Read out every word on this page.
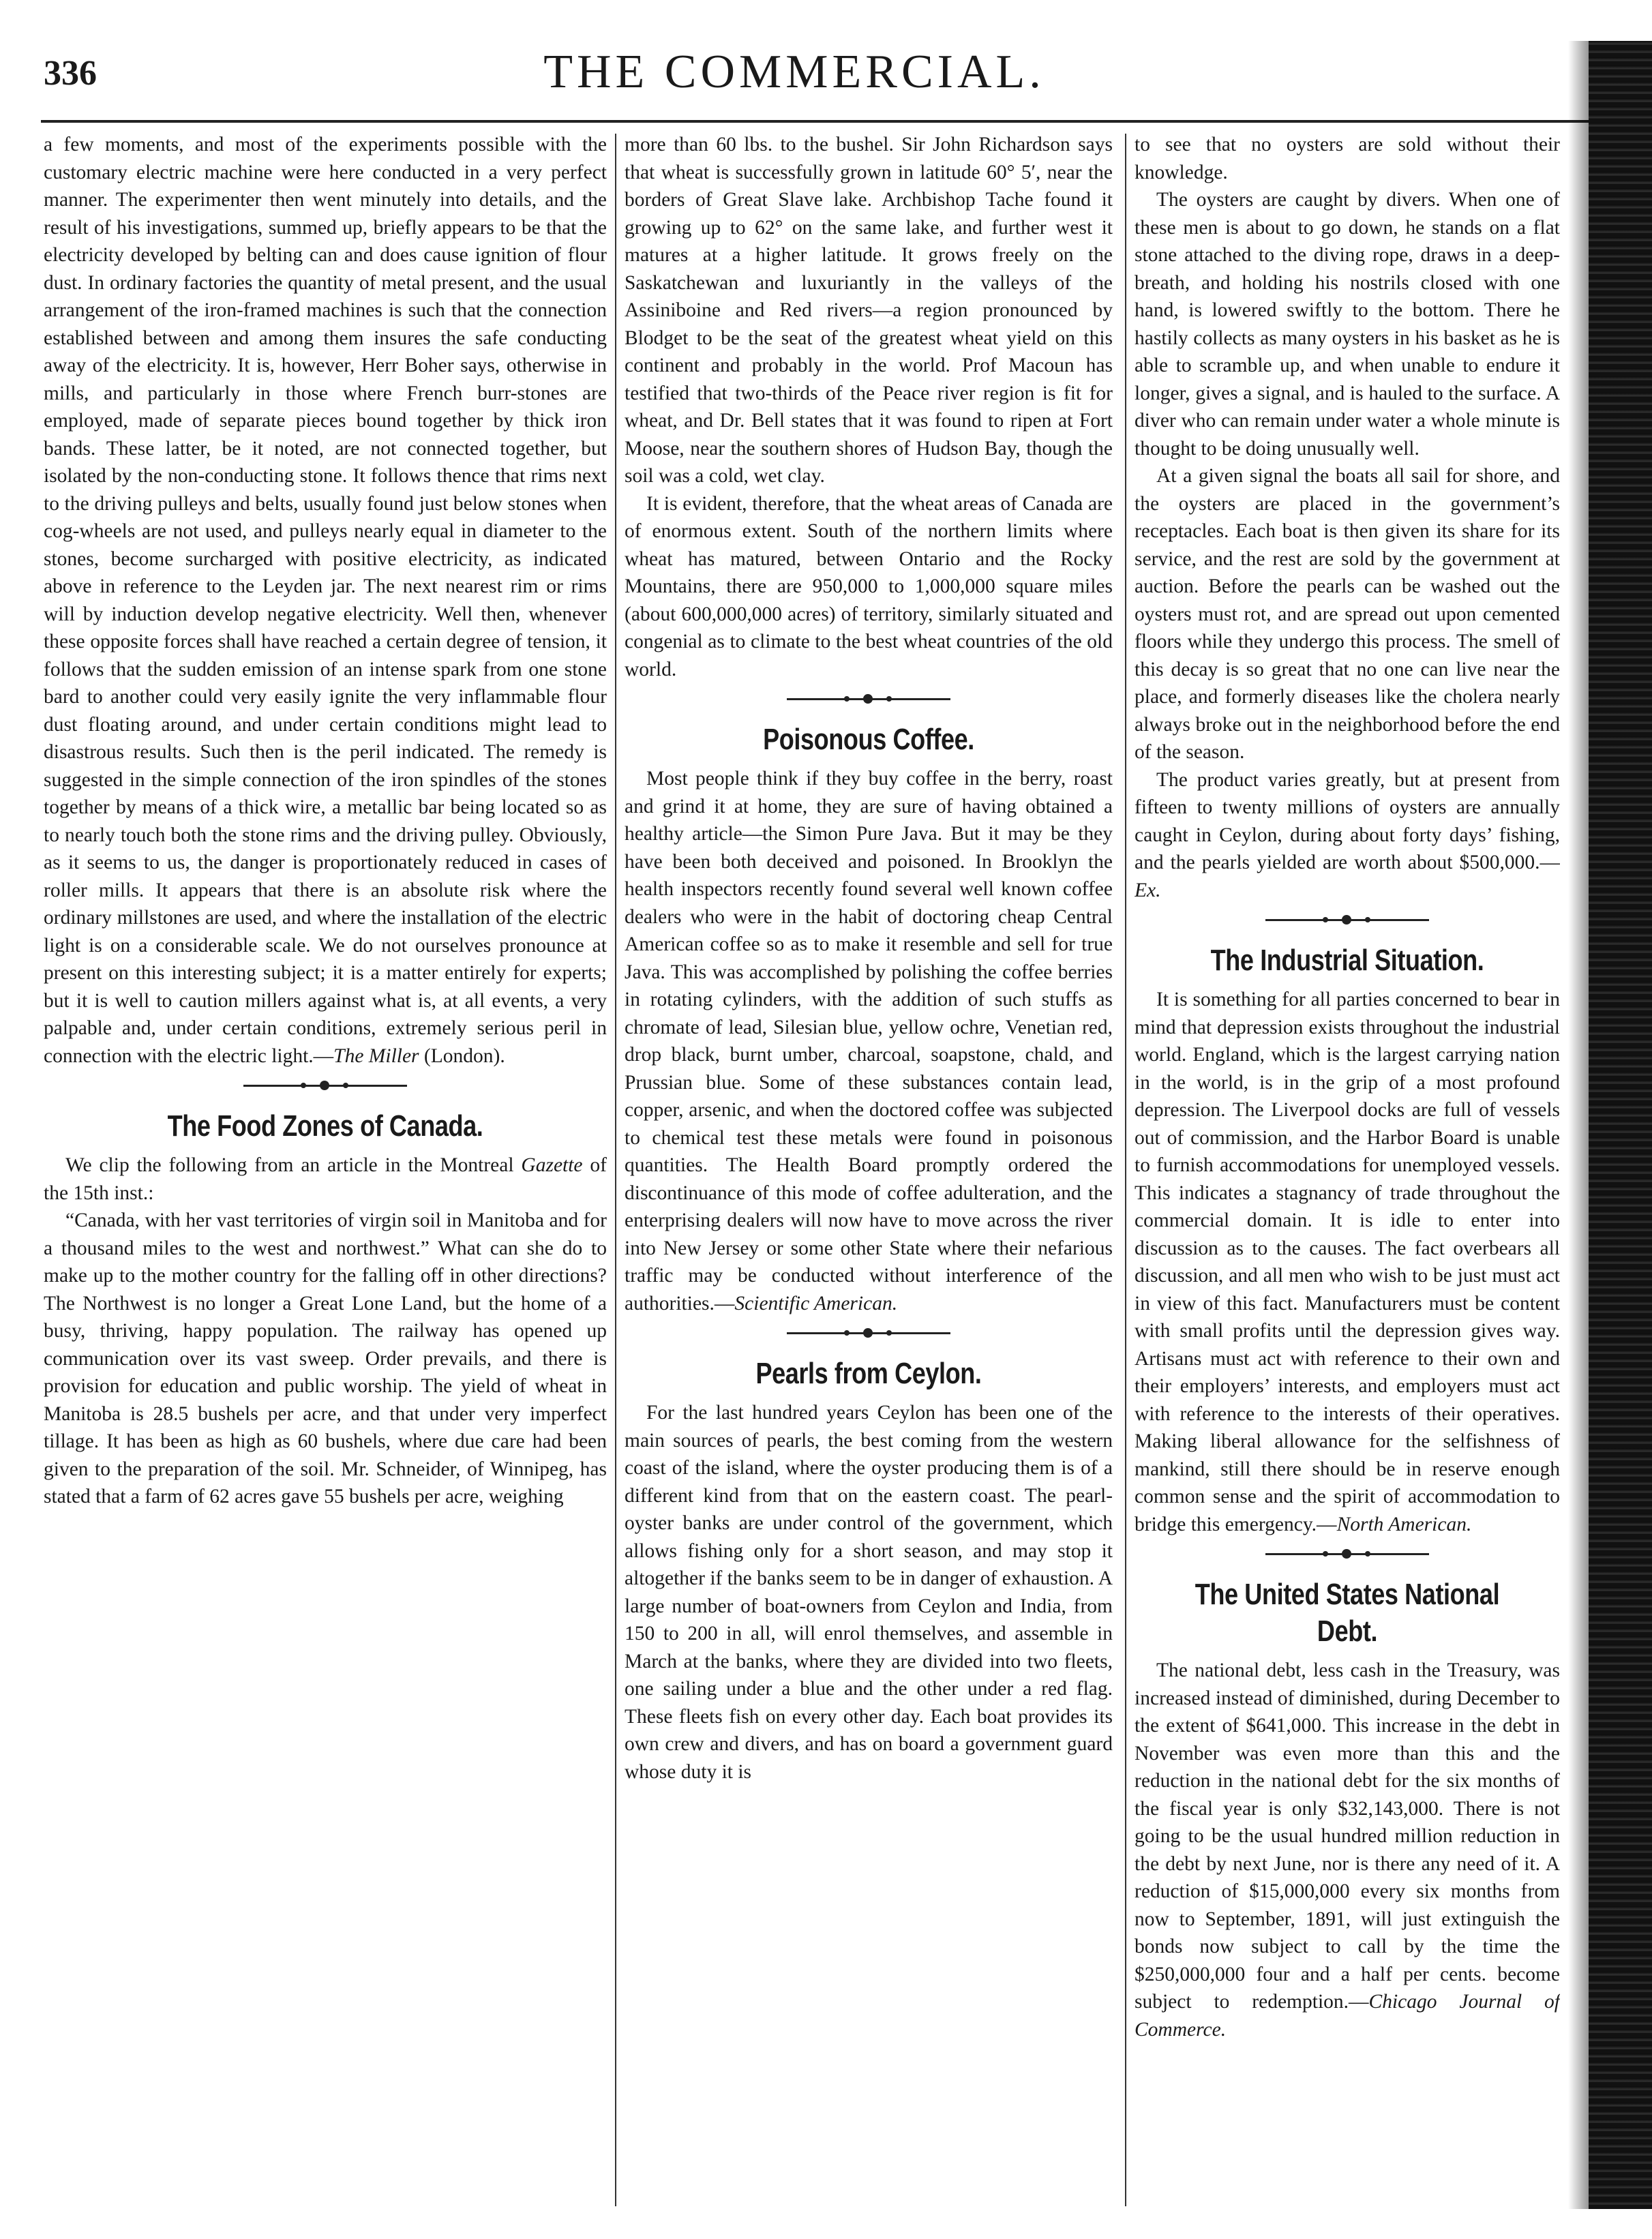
336	THE COMMERCIAL.

a few moments, and most of the experiments possible with the customary electric machine were here conducted in a very perfect manner. The experimenter then went minutely into details, and the result of his investigations, summed up, briefly appears to be that the electricity developed by belting can and does cause ignition of flour dust. In ordinary factories the quantity of metal present, and the usual arrangement of the iron-framed machines is such that the connection established between and among them insures the safe conducting away of the electricity. It is, however, Herr Boher says, otherwise in mills, and particularly in those where French burr-stones are employed, made of separate pieces bound together by thick iron bands. These latter, be it noted, are not connected together, but isolated by the non-conducting stone. It follows thence that rims next to the driving pulleys and belts, usually found just below stones when cog-wheels are not used, and pulleys nearly equal in diameter to the stones, become surcharged with positive electricity, as indicated above in reference to the Leyden jar. The next nearest rim or rims will by induction develop negative electricity. Well then, whenever these opposite forces shall have reached a certain degree of tension, it follows that the sudden emission of an intense spark from one stone bard to another could very easily ignite the very inflammable flour dust floating around, and under certain conditions might lead to disastrous results. Such then is the peril indicated. The remedy is suggested in the simple connection of the iron spindles of the stones together by means of a thick wire, a metallic bar being located so as to nearly touch both the stone rims and the driving pulley. Obviously, as it seems to us, the danger is proportionately reduced in cases of roller mills. It appears that there is an absolute risk where the ordinary millstones are used, and where the installation of the electric light is on a considerable scale. We do not ourselves pronounce at present on this interesting subject; it is a matter entirely for experts; but it is well to caution millers against what is, at all events, a very palpable and, under certain conditions, extremely serious peril in connection with the electric light.—The Miller (London).

The Food Zones of Canada.

We clip the following from an article in the Montreal Gazette of the 15th inst.:

“Canada, with her vast territories of virgin soil in Manitoba and for a thousand miles to the west and northwest.” What can she do to make up to the mother country for the falling off in other directions? The Northwest is no longer a Great Lone Land, but the home of a busy, thriving, happy population. The railway has opened up communication over its vast sweep. Order prevails, and there is provision for education and public worship. The yield of wheat in Manitoba is 28.5 bushels per acre, and that under very imperfect tillage. It has been as high as 60 bushels, where due care had been given to the preparation of the soil. Mr. Schneider, of Winnipeg, has stated that a farm of 62 acres gave 55 bushels per acre, weighing

more than 60 lbs. to the bushel. Sir John Richardson says that wheat is successfully grown in latitude 60° 5′, near the borders of Great Slave lake. Archbishop Tache found it growing up to 62° on the same lake, and further west it matures at a higher latitude. It grows freely on the Saskatchewan and luxuriantly in the valleys of the Assiniboine and Red rivers—a region pronounced by Blodget to be the seat of the greatest wheat yield on this continent and probably in the world. Prof Macoun has testified that two-thirds of the Peace river region is fit for wheat, and Dr. Bell states that it was found to ripen at Fort Moose, near the southern shores of Hudson Bay, though the soil was a cold, wet clay.

It is evident, therefore, that the wheat areas of Canada are of enormous extent. South of the northern limits where wheat has matured, between Ontario and the Rocky Mountains, there are 950,000 to 1,000,000 square miles (about 600,000,000 acres) of territory, similarly situated and congenial as to climate to the best wheat countries of the old world.

Poisonous Coffee.

Most people think if they buy coffee in the berry, roast and grind it at home, they are sure of having obtained a healthy article—the Simon Pure Java. But it may be they have been both deceived and poisoned. In Brooklyn the health inspectors recently found several well known coffee dealers who were in the habit of doctoring cheap Central American coffee so as to make it resemble and sell for true Java. This was accomplished by polishing the coffee berries in rotating cylinders, with the addition of such stuffs as chromate of lead, Silesian blue, yellow ochre, Venetian red, drop black, burnt umber, charcoal, soapstone, chald, and Prussian blue. Some of these substances contain lead, copper, arsenic, and when the doctored coffee was subjected to chemical test these metals were found in poisonous quantities. The Health Board promptly ordered the discontinuance of this mode of coffee adulteration, and the enterprising dealers will now have to move across the river into New Jersey or some other State where their nefarious traffic may be conducted without interference of the authorities.—Scientific American.

Pearls from Ceylon.

For the last hundred years Ceylon has been one of the main sources of pearls, the best coming from the western coast of the island, where the oyster producing them is of a different kind from that on the eastern coast. The pearl-oyster banks are under control of the government, which allows fishing only for a short season, and may stop it altogether if the banks seem to be in danger of exhaustion. A large number of boat-owners from Ceylon and India, from 150 to 200 in all, will enrol themselves, and assemble in March at the banks, where they are divided into two fleets, one sailing under a blue and the other under a red flag. These fleets fish on every other day. Each boat provides its own crew and divers, and has on board a government guard whose duty it is

to see that no oysters are sold without their knowledge.

The oysters are caught by divers. When one of these men is about to go down, he stands on a flat stone attached to the diving rope, draws in a deep-breath, and holding his nostrils closed with one hand, is lowered swiftly to the bottom. There he hastily collects as many oysters in his basket as he is able to scramble up, and when unable to endure it longer, gives a signal, and is hauled to the surface. A diver who can remain under water a whole minute is thought to be doing unusually well.

At a given signal the boats all sail for shore, and the oysters are placed in the government’s receptacles. Each boat is then given its share for its service, and the rest are sold by the government at auction. Before the pearls can be washed out the oysters must rot, and are spread out upon cemented floors while they undergo this process. The smell of this decay is so great that no one can live near the place, and formerly diseases like the cholera nearly always broke out in the neighborhood before the end of the season.

The product varies greatly, but at present from fifteen to twenty millions of oysters are annually caught in Ceylon, during about forty days’ fishing, and the pearls yielded are worth about $500,000.—Ex.

The Industrial Situation.

It is something for all parties concerned to bear in mind that depression exists throughout the industrial world. England, which is the largest carrying nation in the world, is in the grip of a most profound depression. The Liverpool docks are full of vessels out of commission, and the Harbor Board is unable to furnish accommodations for unemployed vessels. This indicates a stagnancy of trade throughout the commercial domain. It is idle to enter into discussion as to the causes. The fact overbears all discussion, and all men who wish to be just must act in view of this fact. Manufacturers must be content with small profits until the depression gives way. Artisans must act with reference to their own and their employers’ interests, and employers must act with reference to the interests of their operatives. Making liberal allowance for the selfishness of mankind, still there should be in reserve enough common sense and the spirit of accommodation to bridge this emergency.—North American.

The United States National Debt.

The national debt, less cash in the Treasury, was increased instead of diminished, during December to the extent of $641,000. This increase in the debt in November was even more than this and the reduction in the national debt for the six months of the fiscal year is only $32,143,000. There is not going to be the usual hundred million reduction in the debt by next June, nor is there any need of it. A reduction of $15,000,000 every six months from now to September, 1891, will just extinguish the bonds now subject to call by the time the $250,000,000 four and a half per cents. become subject to redemption.—Chicago Journal of Commerce.
